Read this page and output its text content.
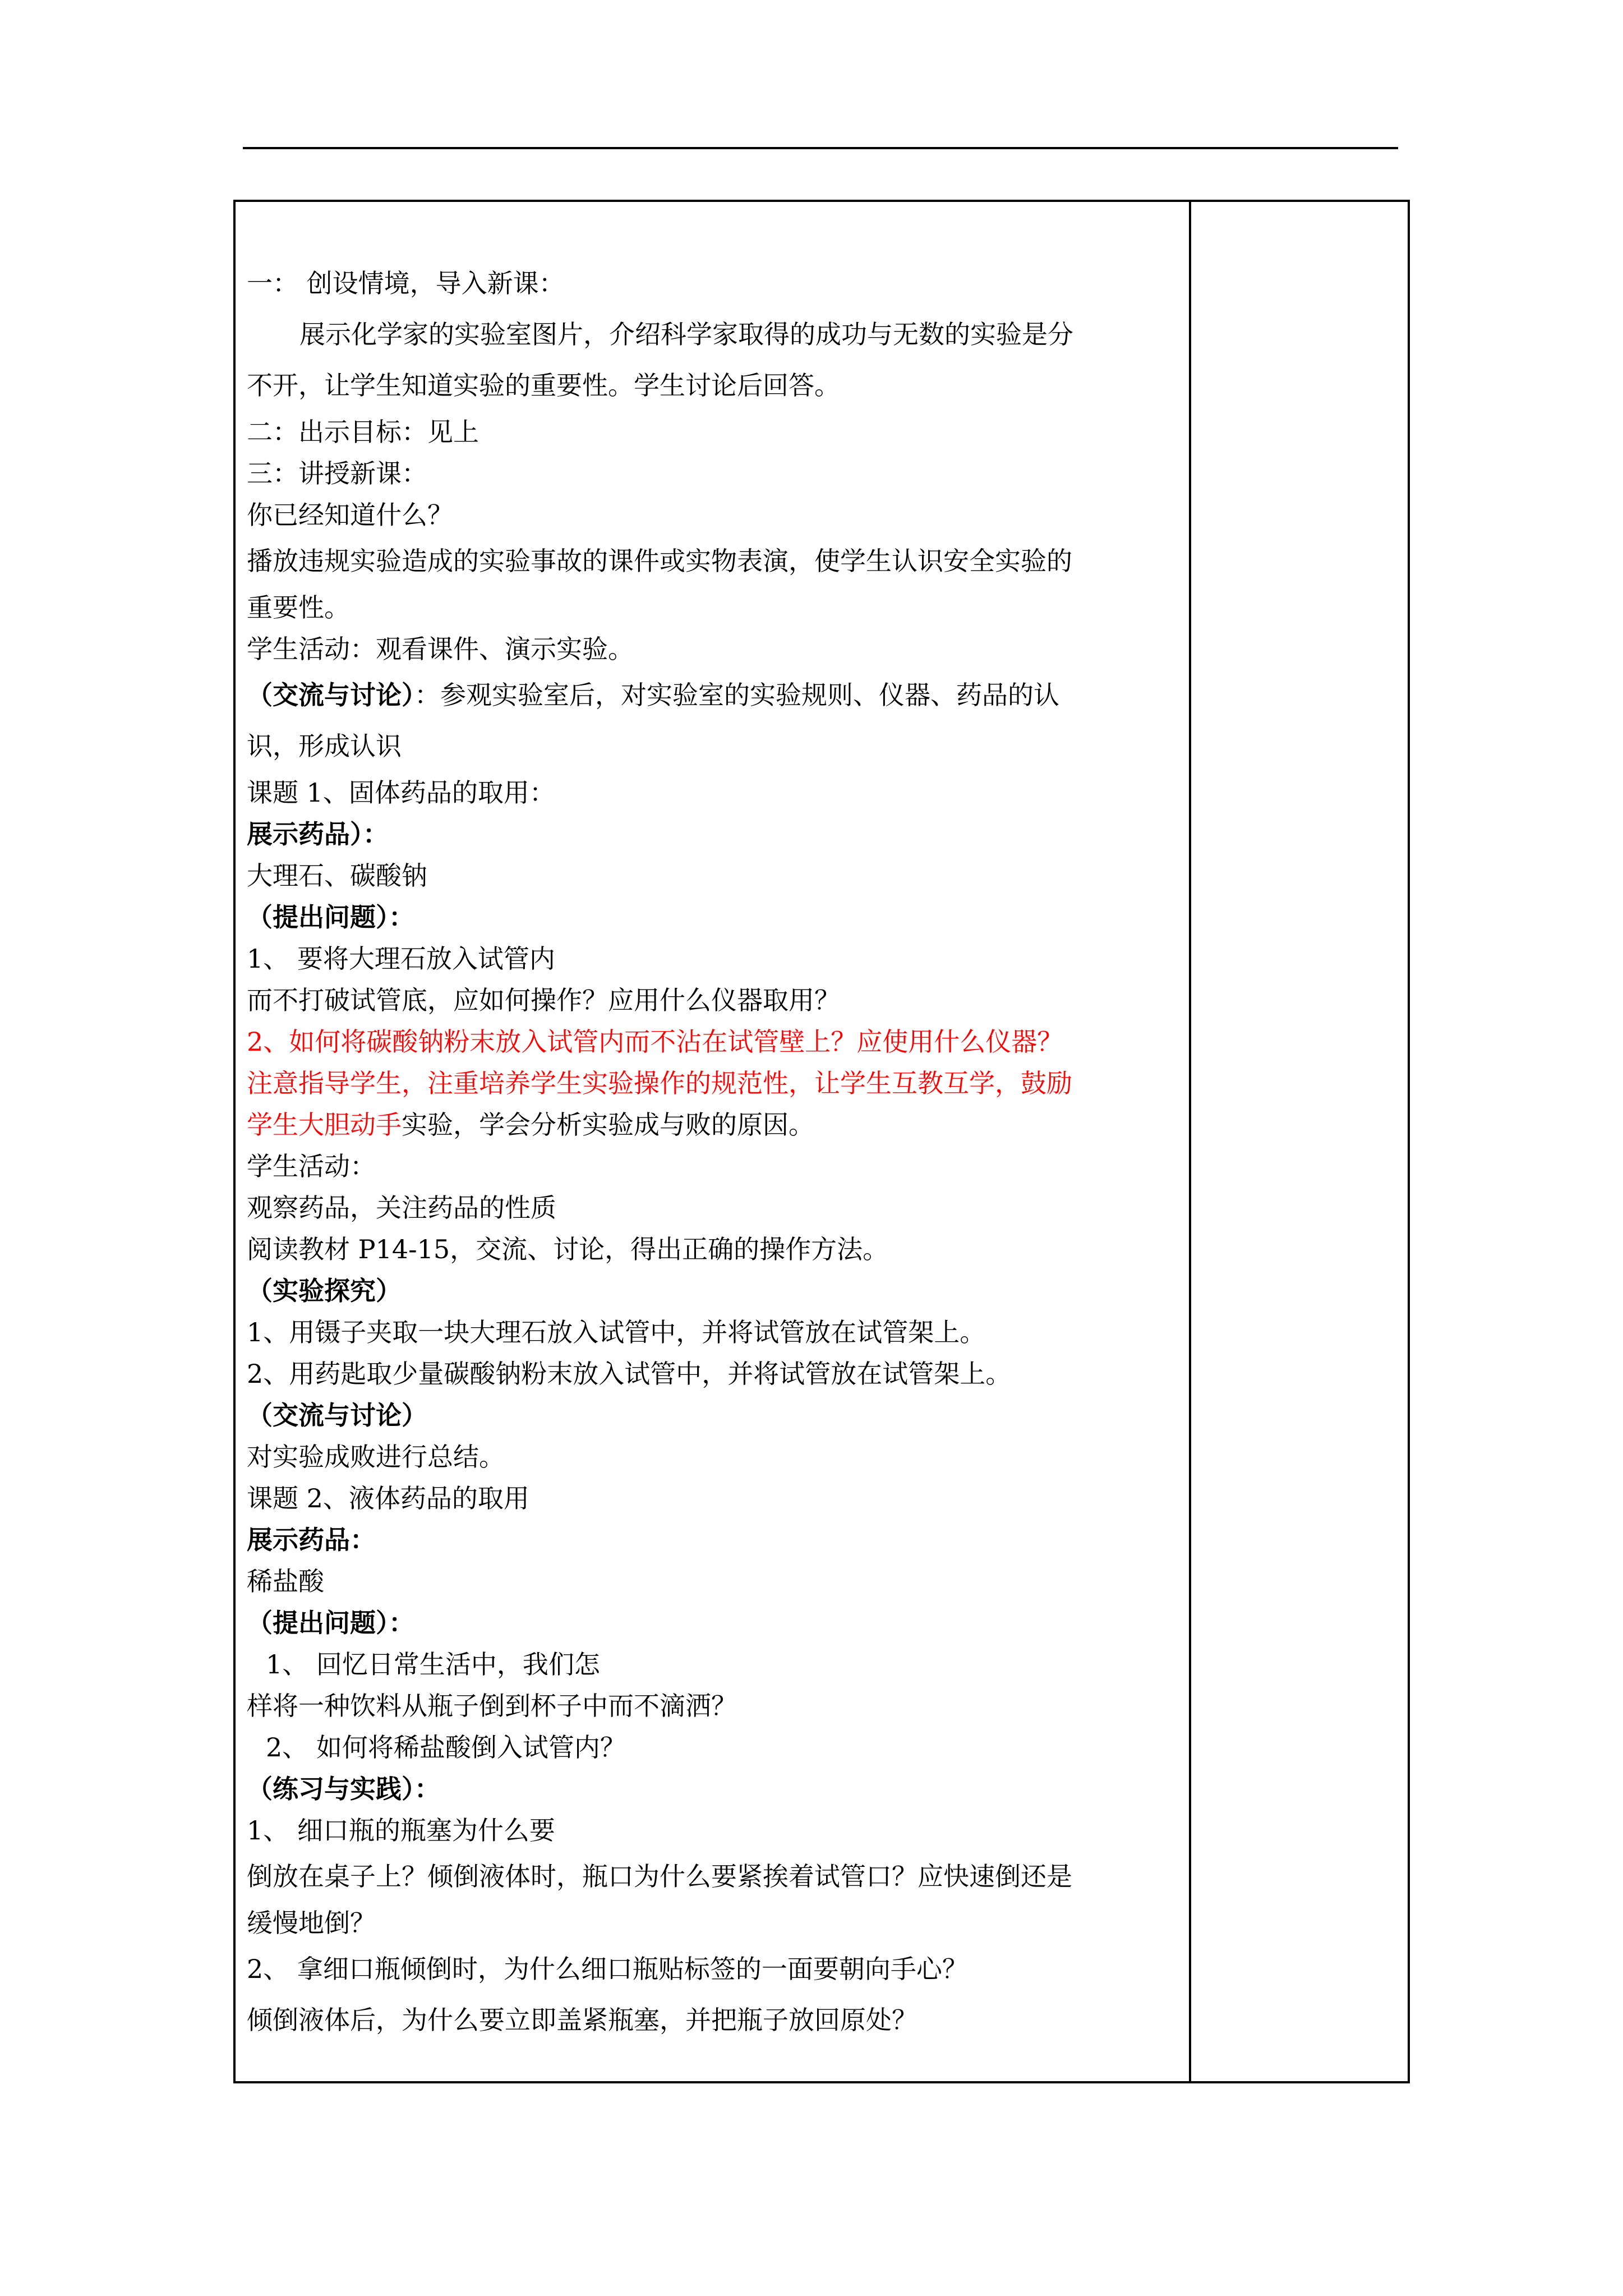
一： 创设情境，导入新课：
展示化学家的实验室图片，介绍科学家取得的成功与无数的实验是分
不开，让学生知道实验的重要性。学生讨论后回答。
二：出示目标：见上
三：讲授新课：
你已经知道什么？
播放违规实验造成的实验事故的课件或实物表演，使学生认识安全实验的
重要性。
学生活动：观看课件、演示实验。
（交流与讨论）：参观实验室后，对实验室的实验规则、仪器、药品的认
识，形成认识
课题 1、固体药品的取用：
展示药品）：
大理石、碳酸钠
（提出问题）：
1、 要将大理石放入试管内
而不打破试管底，应如何操作？应用什么仪器取用？
2、如何将碳酸钠粉末放入试管内而不沾在试管壁上？应使用什么仪器？
注意指导学生，注重培养学生实验操作的规范性，让学生互教互学，鼓励
学生大胆动手实验，学会分析实验成与败的原因。
学生活动：
观察药品，关注药品的性质
阅读教材 P14-15，交流、讨论，得出正确的操作方法。
（实验探究）
1、用镊子夹取一块大理石放入试管中，并将试管放在试管架上。
2、用药匙取少量碳酸钠粉末放入试管中，并将试管放在试管架上。
（交流与讨论）
对实验成败进行总结。
课题 2、液体药品的取用
展示药品：
稀盐酸
（提出问题）：
1、 回忆日常生活中，我们怎
样将一种饮料从瓶子倒到杯子中而不滴洒？
2、 如何将稀盐酸倒入试管内？
（练习与实践）：
1、 细口瓶的瓶塞为什么要
倒放在桌子上？倾倒液体时，瓶口为什么要紧挨着试管口？应快速倒还是
缓慢地倒？
2、 拿细口瓶倾倒时，为什么细口瓶贴标签的一面要朝向手心？
倾倒液体后，为什么要立即盖紧瓶塞，并把瓶子放回原处？
